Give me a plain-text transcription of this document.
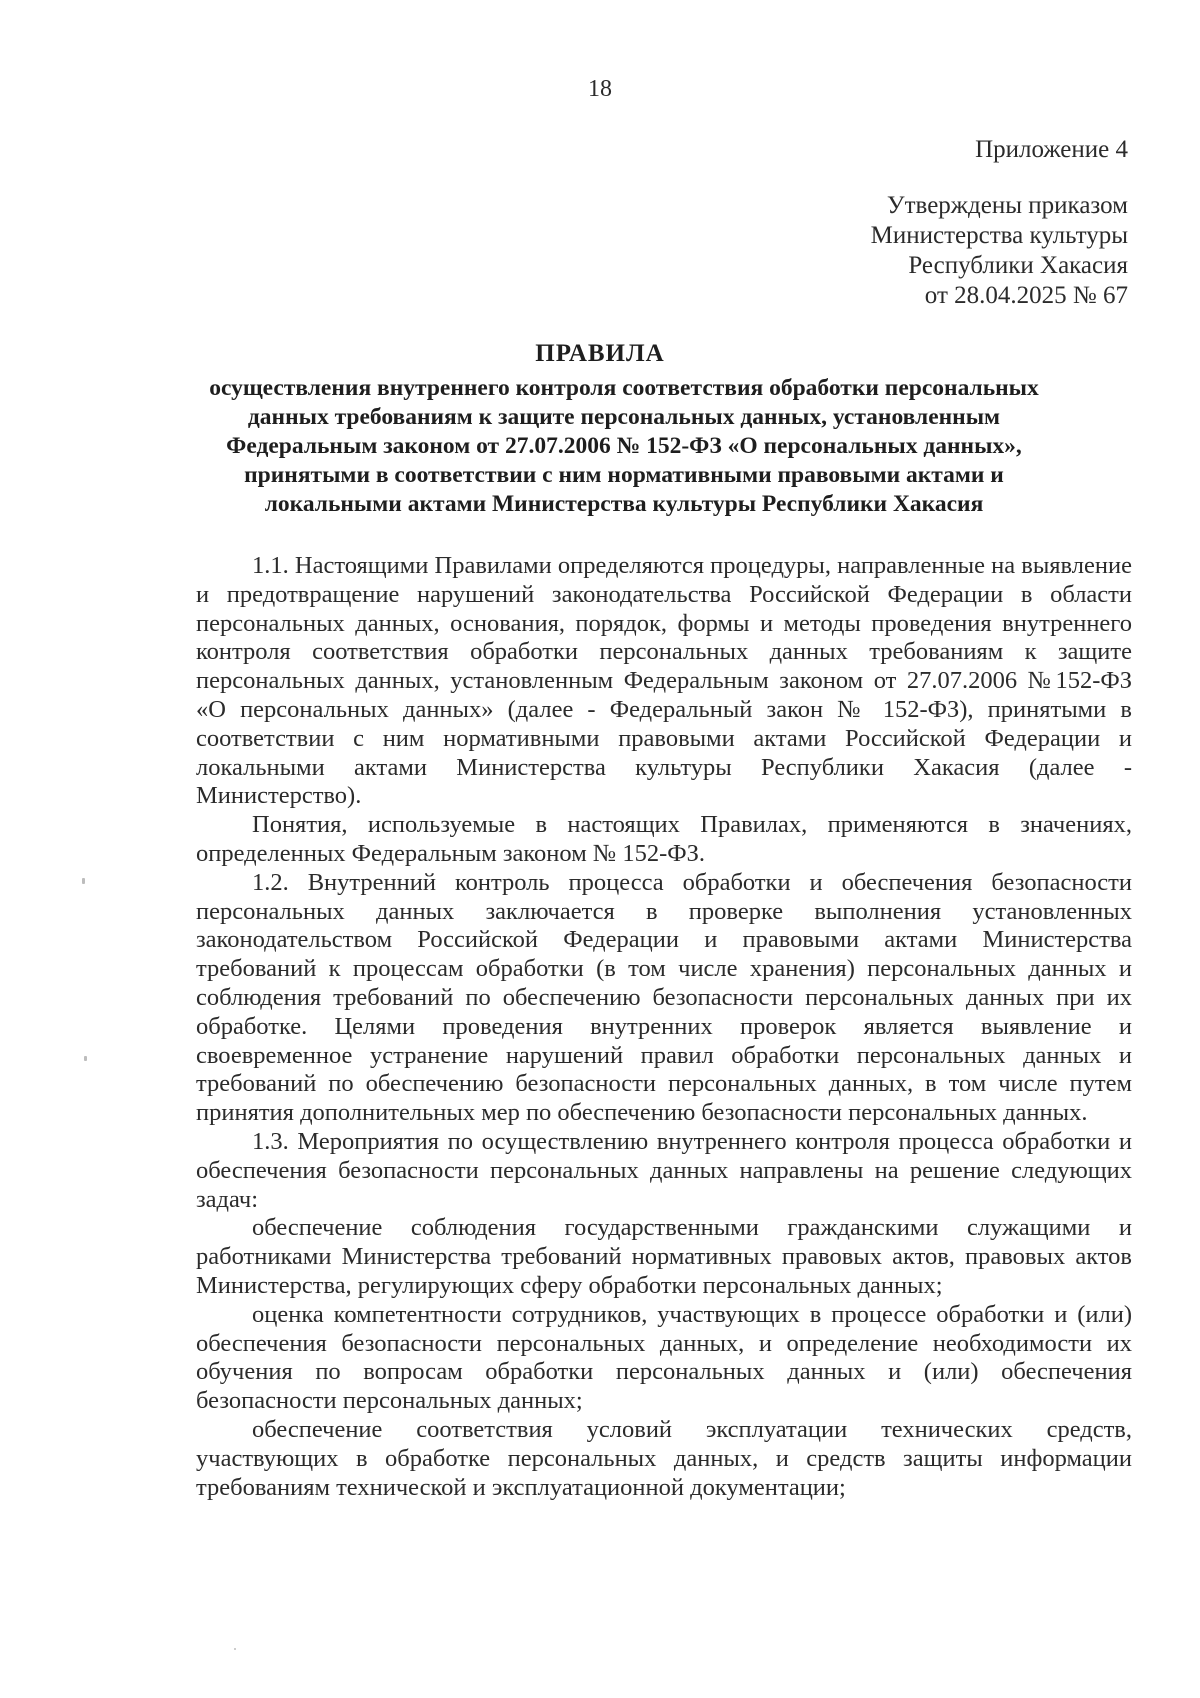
18
Приложение 4
Утверждены приказом
Министерства культуры
Республики Хакасия
от 28.04.2025 № 67
ПРАВИЛА
осуществления внутреннего контроля соответствия обработки персональных
данных требованиям к защите персональных данных, установленным
Федеральным законом от 27.07.2006 № 152-ФЗ «О персональных данных»,
принятыми в соответствии с ним нормативными правовыми актами и
локальными актами Министерства культуры Республики Хакасия

1.1. Настоящими Правилами определяются процедуры, направленные на выявление и предотвращение нарушений законодательства Российской Федерации в области персональных данных, основания, порядок, формы и методы проведения внутреннего контроля соответствия обработки персональных данных требованиям к защите персональных данных, установленным Федеральным законом от 27.07.2006 №152-ФЗ «О персональных данных» (далее - Федеральный закон № 152-ФЗ), принятыми в соответствии с ним нормативными правовыми актами Российской Федерации и локальными актами Министерства культуры Республики Хакасия (далее - Министерство).

Понятия, используемые в настоящих Правилах, применяются в значениях, определенных Федеральным законом № 152-ФЗ.

1.2. Внутренний контроль процесса обработки и обеспечения безопасности персональных данных заключается в проверке выполнения установленных законодательством Российской Федерации и правовыми актами Министерства требований к процессам обработки (в том числе хранения) персональных данных и соблюдения требований по обеспечению безопасности персональных данных при их обработке. Целями проведения внутренних проверок является выявление и своевременное устранение нарушений правил обработки персональных данных и требований по обеспечению безопасности персональных данных, в том числе путем принятия дополнительных мер по обеспечению безопасности персональных данных.

1.3. Мероприятия по осуществлению внутреннего контроля процесса обработки и обеспечения безопасности персональных данных направлены на решение следующих задач:

обеспечение соблюдения государственными гражданскими служащими и работниками Министерства требований нормативных правовых актов, правовых актов Министерства, регулирующих сферу обработки персональных данных;

оценка компетентности сотрудников, участвующих в процессе обработки и (или) обеспечения безопасности персональных данных, и определение необходимости их обучения по вопросам обработки персональных данных и (или) обеспечения безопасности персональных данных;

обеспечение соответствия условий эксплуатации технических средств, участвующих в обработке персональных данных, и средств защиты информации требованиям технической и эксплуатационной документации;
